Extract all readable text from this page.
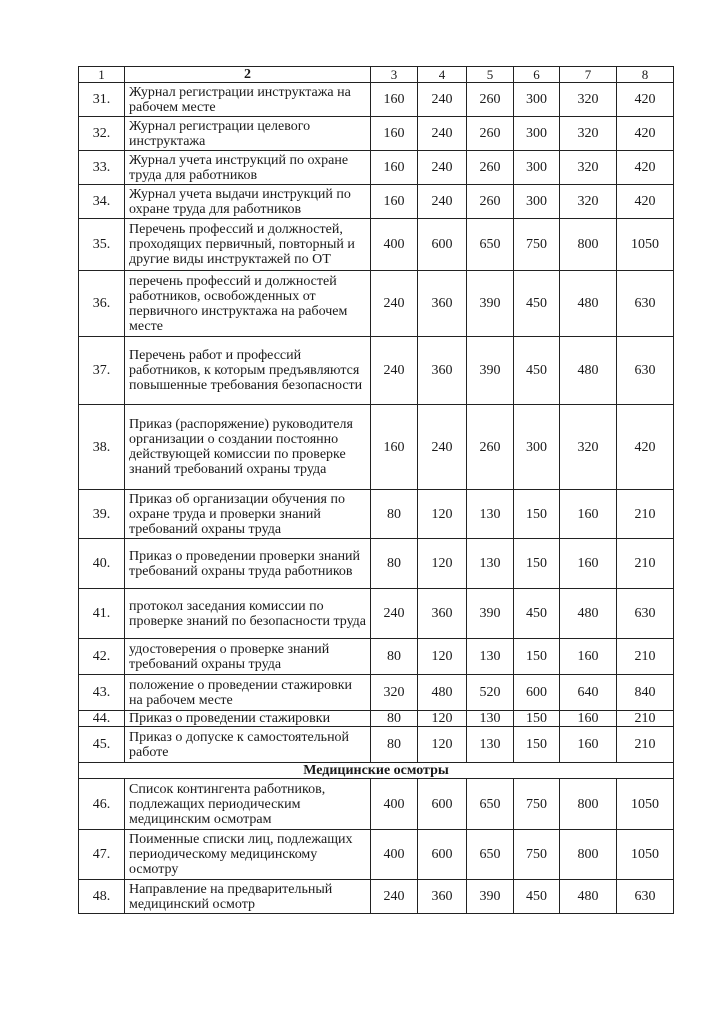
1	2	3	4	5	6	7	8
31.	Журнал регистрации инструктажа на рабочем месте	160	240	260	300	320	420
32.	Журнал регистрации целевого инструктажа	160	240	260	300	320	420
33.	Журнал учета инструкций по охране труда для работников	160	240	260	300	320	420
34.	Журнал учета выдачи инструкций по охране труда для работников	160	240	260	300	320	420
35.	Перечень профессий и должностей, проходящих первичный, повторный и другие виды инструктажей по ОТ	400	600	650	750	800	1050
36.	перечень профессий и должностей работников, освобожденных от первичного инструктажа на рабочем месте	240	360	390	450	480	630
37.	Перечень работ и профессий работников, к которым предъявляются повышенные требования безопасности	240	360	390	450	480	630
38.	Приказ (распоряжение) руководителя организации о создании постоянно действующей комиссии по проверке знаний требований охраны труда	160	240	260	300	320	420
39.	Приказ об организации обучения по охране труда и проверки знаний требований охраны труда	80	120	130	150	160	210
40.	Приказ о проведении проверки знаний требований охраны труда работников	80	120	130	150	160	210
41.	протокол заседания комиссии по проверке знаний по безопасности труда	240	360	390	450	480	630
42.	удостоверения о проверке знаний требований охраны труда	80	120	130	150	160	210
43.	положение о проведении стажировки на рабочем месте	320	480	520	600	640	840
44.	Приказ о проведении стажировки	80	120	130	150	160	210
45.	Приказ о допуске к самостоятельной работе	80	120	130	150	160	210
Медицинские осмотры							
46.	Список контингента работников, подлежащих периодическим медицинским осмотрам	400	600	650	750	800	1050
47.	Поименные списки лиц, подлежащих периодическому медицинскому осмотру	400	600	650	750	800	1050
48.	Направление на предварительный медицинский осмотр	240	360	390	450	480	630
